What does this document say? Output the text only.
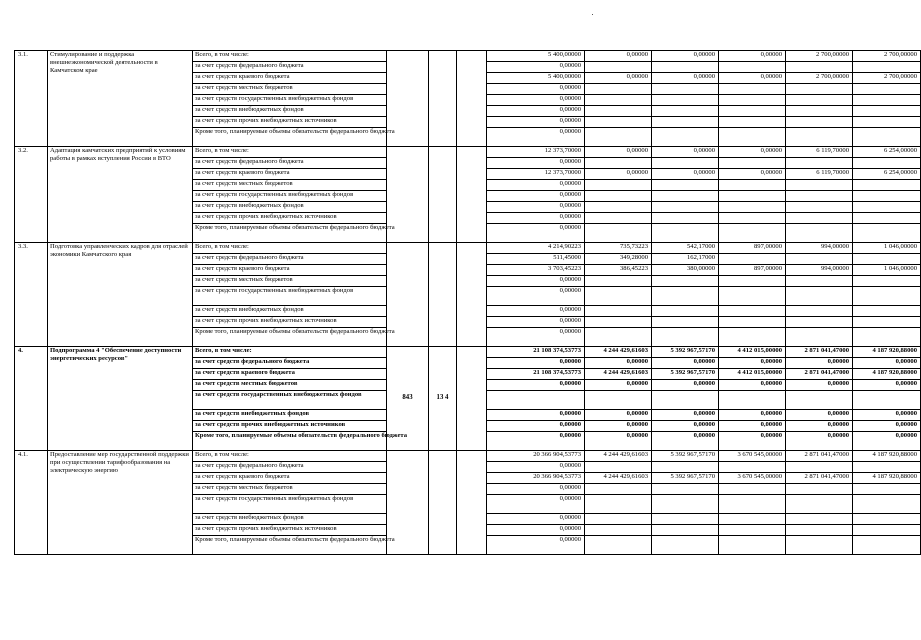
3.1.	Стимулирование и поддержка внешнеэкономической деятельности в Камчатском крае	Всего, в том числе:				5 400,00000	0,00000	0,00000	0,00000	2 700,00000	2 700,00000
		за счет средств федерального бюджета				0,00000					
		за счет средств краевого бюджета				5 400,00000	0,00000	0,00000	0,00000	2 700,00000	2 700,00000
		за счет средств местных бюджетов				0,00000					
		за счет средств государственных внебюджетных фондов				0,00000					
		за счет средств внебюджетных фондов				0,00000					
		за счет средств прочих внебюджетных источников				0,00000					
		Кроме того, планируемые объемы обязательств федерального бюджета				0,00000					
3.2.	Адаптация камчатских предприятий к условиям работы в рамках вступления России в ВТО	Всего, в том числе:				12 373,70000	0,00000	0,00000	0,00000	6 119,70000	6 254,00000
		за счет средств федерального бюджета				0,00000					
		за счет средств краевого бюджета				12 373,70000	0,00000	0,00000	0,00000	6 119,70000	6 254,00000
		за счет средств местных бюджетов				0,00000					
		за счет средств государственных внебюджетных фондов				0,00000					
		за счет средств внебюджетных фондов				0,00000					
		за счет средств прочих внебюджетных источников				0,00000					
		Кроме того, планируемые объемы обязательств федерального бюджета				0,00000					
3.3.	Подготовка управленческих кадров для отраслей экономики Камчатского края	Всего, в том числе:				4 214,90223	735,73223	542,17000	897,00000	994,00000	1 046,00000
		за счет средств федерального бюджета				511,45000	349,28000	162,17000			
		за счет средств краевого бюджета				3 703,45223	386,45223	380,00000	897,00000	994,00000	1 046,00000
		за счет средств местных бюджетов				0,00000					
		за счет средств государственных внебюджетных фондов				0,00000					
		за счет средств внебюджетных фондов				0,00000					
		за счет средств прочих внебюджетных источников				0,00000					
		Кроме того, планируемые объемы обязательств федерального бюджета				0,00000					
4.	Подпрограмма 4 "Обеспечение доступности энергетических ресурсов"	Всего, в том числе:	843	13 4		21 108 374,53773	4 244 429,61603	5 392 967,57170	4 412 015,00000	2 871 041,47000	4 187 920,88000
		за счет средств федерального бюджета				0,00000	0,00000	0,00000	0,00000	0,00000	0,00000
		за счет средств краевого бюджета				21 108 374,53773	4 244 429,61603	5 392 967,57170	4 412 015,00000	2 871 041,47000	4 187 920,88000
		за счет средств местных бюджетов				0,00000	0,00000	0,00000	0,00000	0,00000	0,00000
		за счет средств государственных внебюджетных фондов									
		за счет средств внебюджетных фондов				0,00000	0,00000	0,00000	0,00000	0,00000	0,00000
		за счет средств прочих внебюджетных источников				0,00000	0,00000	0,00000	0,00000	0,00000	0,00000
		Кроме того, планируемые объемы обязательств федерального бюджета				0,00000	0,00000	0,00000	0,00000	0,00000	0,00000
4.1.	Предоставление мер государственной поддержки при осуществлении тарифообразования на электрическую энергию	Всего, в том числе:				20 366 904,53773	4 244 429,61603	5 392 967,57170	3 670 545,00000	2 871 041,47000	4 187 920,88000
		за счет средств федерального бюджета				0,00000					
		за счет средств краевого бюджета				20 366 904,53773	4 244 429,61603	5 392 967,57170	3 670 545,00000	2 871 041,47000	4 187 920,88000
		за счет средств местных бюджетов				0,00000					
		за счет средств государственных внебюджетных фондов				0,00000					
		за счет средств внебюджетных фондов				0,00000					
		за счет средств прочих внебюджетных источников				0,00000					
		Кроме того, планируемые объемы обязательств федерального бюджета				0,00000					
